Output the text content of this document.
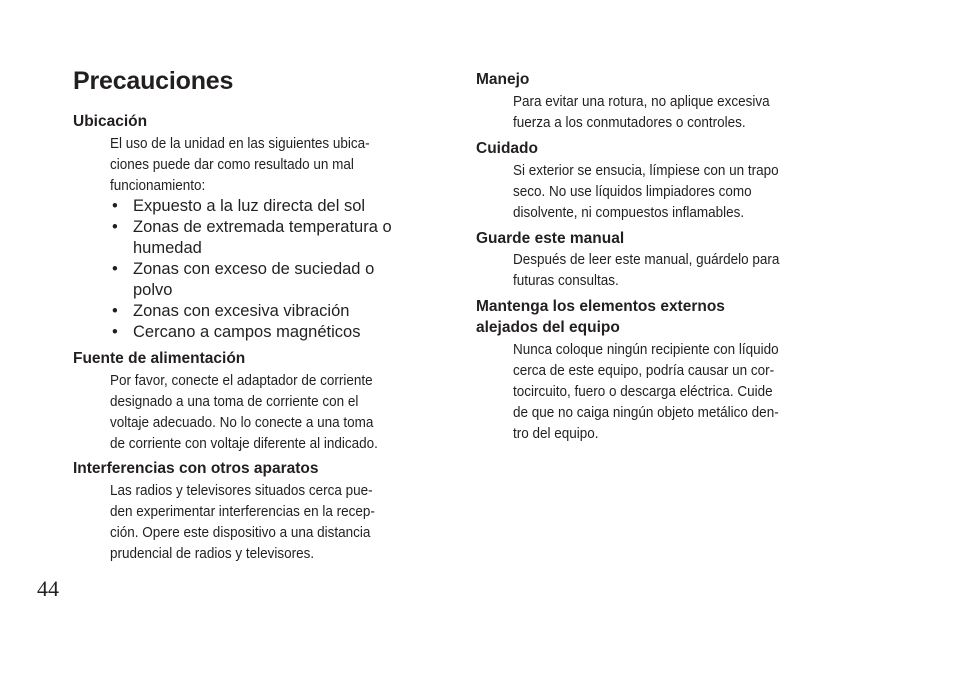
Precauciones
Ubicación

El uso de la unidad en las siguientes ubica-
ciones puede dar como resultado un mal
funcionamiento:

• Expuesto a la luz directa del sol
• Zonas de extremada temperatura o
humedad
• Zonas con exceso de suciedad o
polvo
• Zonas con excesiva vibración
• Cercano a campos magnéticos
Fuente de alimentación

Por favor, conecte el adaptador de corriente
designado a una toma de corriente con el
voltaje adecuado. No lo conecte a una toma
de corriente con voltaje diferente al indicado.

Interferencias con otros aparatos

Las radios y televisores situados cerca pue-
den experimentar interferencias en la recep-
ción. Opere este dispositivo a una distancia
prudencial de radios y televisores.

Manejo

Para evitar una rotura, no aplique excesiva
fuerza a los conmutadores o controles.

Cuidado

Si exterior se ensucia, límpiese con un trapo
seco. No use líquidos limpiadores como
disolvente, ni compuestos inflamables.

Guarde este manual

Después de leer este manual, guárdelo para
futuras consultas.

Mantenga los elementos externos
alejados del equipo

Nunca coloque ningún recipiente con líquido
cerca de este equipo, podría causar un cor-
tocircuito, fuero o descarga eléctrica. Cuide
de que no caiga ningún objeto metálico den-
tro del equipo.

44
